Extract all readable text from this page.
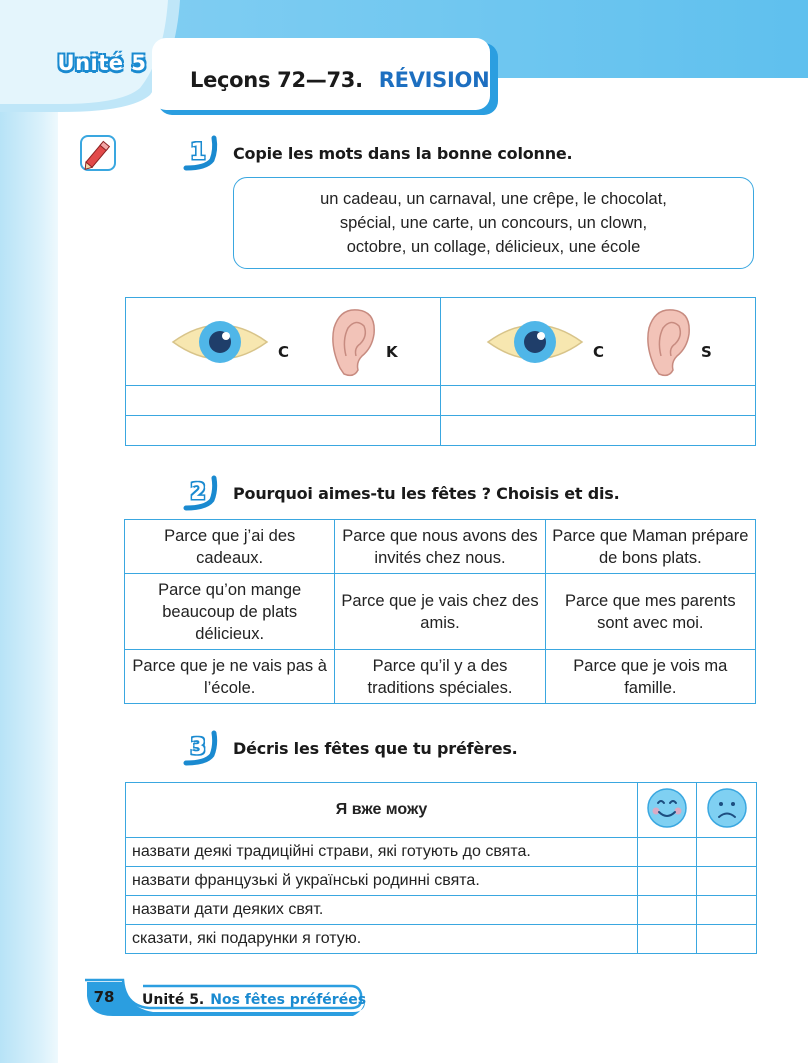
Unité 5
Leçons 72—73. RÉVISION
1 Copie les mots dans la bonne colonne.
un cadeau, un carnaval, une crêpe, le chocolat,
spécial, une carte, un concours, un clown,
octobre, un collage, délicieux, une école
C K	C S

2 Pourquoi aimes-tu les fêtes ? Choisis et dis.
Parce que j’ai des cadeaux.	Parce que nous avons des invités chez nous.	Parce que Maman prépare de bons plats.
Parce qu’on mange beaucoup de plats délicieux.	Parce que je vais chez des amis.	Parce que mes parents sont avec moi.
Parce que je ne vais pas à l’école.	Parce qu’il y a des traditions spéciales.	Parce que je vois ma famille.
3 Décris les fêtes que tu préfères.
Я вже можу		
назвати деякі традиційні страви, які готують до свята.		
назвати французькі й українські родинні свята.		
назвати дати деяких свят.		
сказати, які подарунки я готую.		
78	Unité 5. Nos fêtes préférées
